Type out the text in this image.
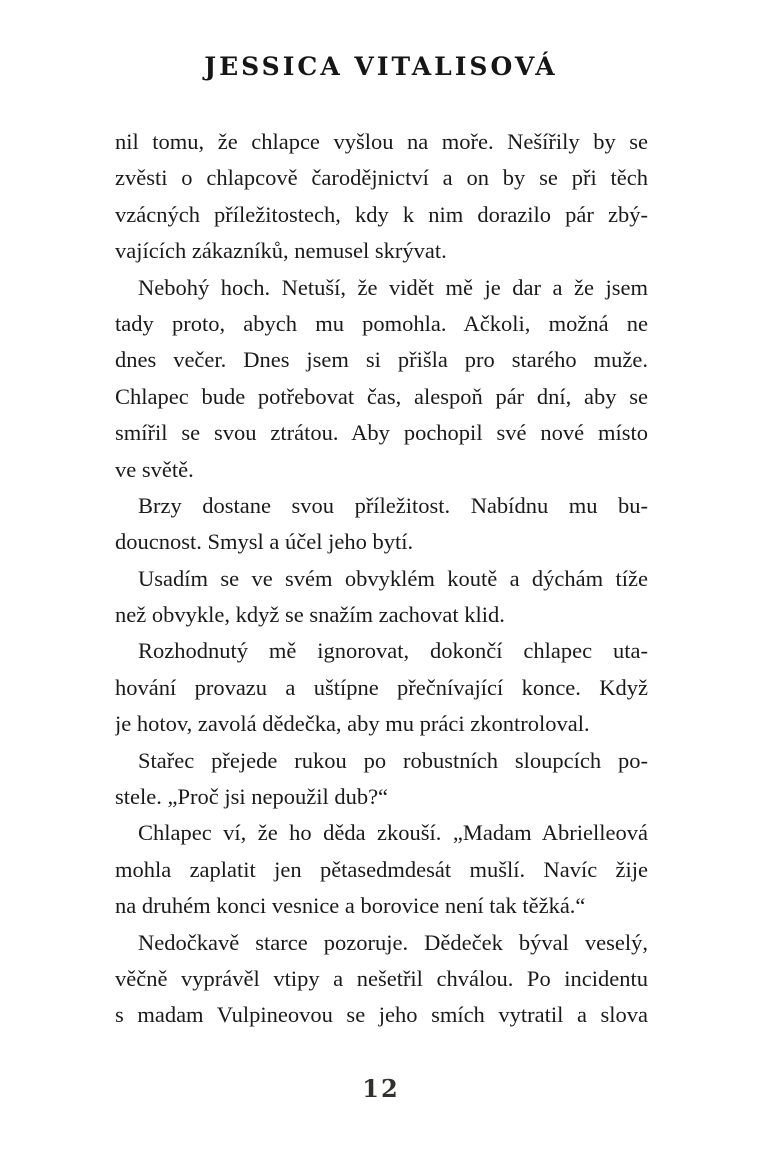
JESSICA VITALISOVÁ
nil tomu, že chlapce vyšlou na moře. Nešířily by se
zvěsti o chlapcově čarodějnictví a on by se při těch
vzácných příležitostech, kdy k nim dorazilo pár zbý-
vajících zákazníků, nemusel skrývat.
Nebohý hoch. Netuší, že vidět mě je dar a že jsem
tady proto, abych mu pomohla. Ačkoli, možná ne
dnes večer. Dnes jsem si přišla pro starého muže.
Chlapec bude potřebovat čas, alespoň pár dní, aby se
smířil se svou ztrátou. Aby pochopil své nové místo
ve světě.
Brzy dostane svou příležitost. Nabídnu mu bu-
doucnost. Smysl a účel jeho bytí.
Usadím se ve svém obvyklém koutě a dýchám tíže
než obvykle, když se snažím zachovat klid.
Rozhodnutý mě ignorovat, dokončí chlapec uta-
hování provazu a uštípne přečnívající konce. Když
je hotov, zavolá dědečka, aby mu práci zkontroloval.
Stařec přejede rukou po robustních sloupcích po-
stele. „Proč jsi nepoužil dub?“
Chlapec ví, že ho děda zkouší. „Madam Abrielleová
mohla zaplatit jen pětasedmdesát mušlí. Navíc žije
na druhém konci vesnice a borovice není tak těžká.“
Nedočkavě starce pozoruje. Dědeček býval veselý,
věčně vyprávěl vtipy a nešetřil chválou. Po incidentu
s madam Vulpineovou se jeho smích vytratil a slova
12
